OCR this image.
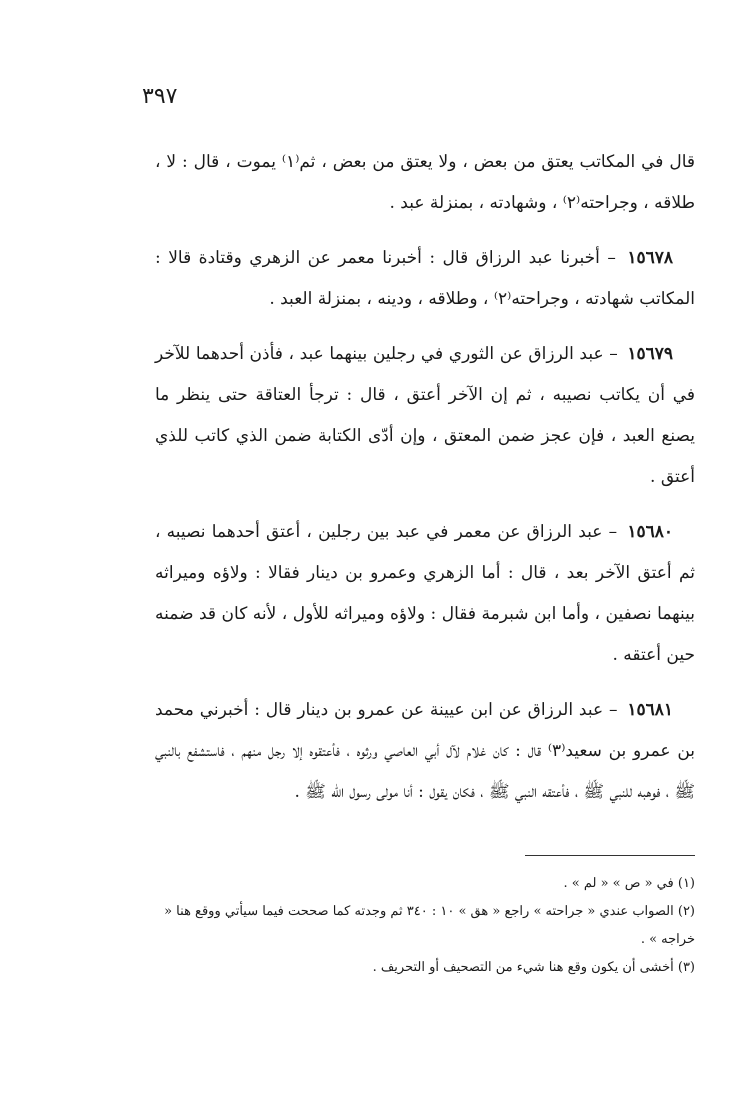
٣٩٧

قال في المكاتب يعتق من بعض ، ولا يعتق من بعض ، ثم⁽١⁾ يموت ، قال : لا ، طلاقه ، وجراحته⁽٢⁾ ، وشهادته ، بمنزلة عبد .

١٥٦٧٨ – أخبرنا عبد الرزاق قال : أخبرنا معمر عن الزهري وقتادة قالا : المكاتب شهادته ، وجراحته⁽٢⁾ ، وطلاقه ، ودينه ، بمنزلة العبد .

١٥٦٧٩ – عبد الرزاق عن الثوري في رجلين بينهما عبد ، فأذن أحدهما للآخر في أن يكاتب نصيبه ، ثم إن الآخر أعتق ، قال : ترجأ العتاقة حتى ينظر ما يصنع العبد ، فإن عجز ضمن المعتق ، وإن أدّى الكتابة ضمن الذي كاتب للذي أعتق .

١٥٦٨٠ – عبد الرزاق عن معمر في عبد بين رجلين ، أعتق أحدهما نصيبه ، ثم أعتق الآخر بعد ، قال : أما الزهري وعمرو بن دينار فقالا : ولاؤه وميراثه بينهما نصفين ، وأما ابن شبرمة فقال : ولاؤه وميراثه للأول ، لأنه كان قد ضمنه حين أعتقه .

١٥٦٨١ – عبد الرزاق عن ابن عيينة عن عمرو بن دينار قال : أخبرني محمد بن عمرو بن سعيد⁽٣⁾ قال : كان غلام لآل أبي العاصي ورثوه ، فأعتقوه إلا رجل منهم ، فاستشفع بالنبي ﷺ ، فوهبه للنبي ﷺ ، فأعتقه النبي ﷺ ، فكان يقول : أنا مولى رسول الله ﷺ .

(١) في « ص » « لم » .
(٢) الصواب عندي « جراحته » راجع « هق » ١٠ : ٣٤٠ ثم وجدته كما صححت فيما سيأتي ووقع هنا « خراجه » .
(٣) أخشى أن يكون وقع هنا شيء من التصحيف أو التحريف .
